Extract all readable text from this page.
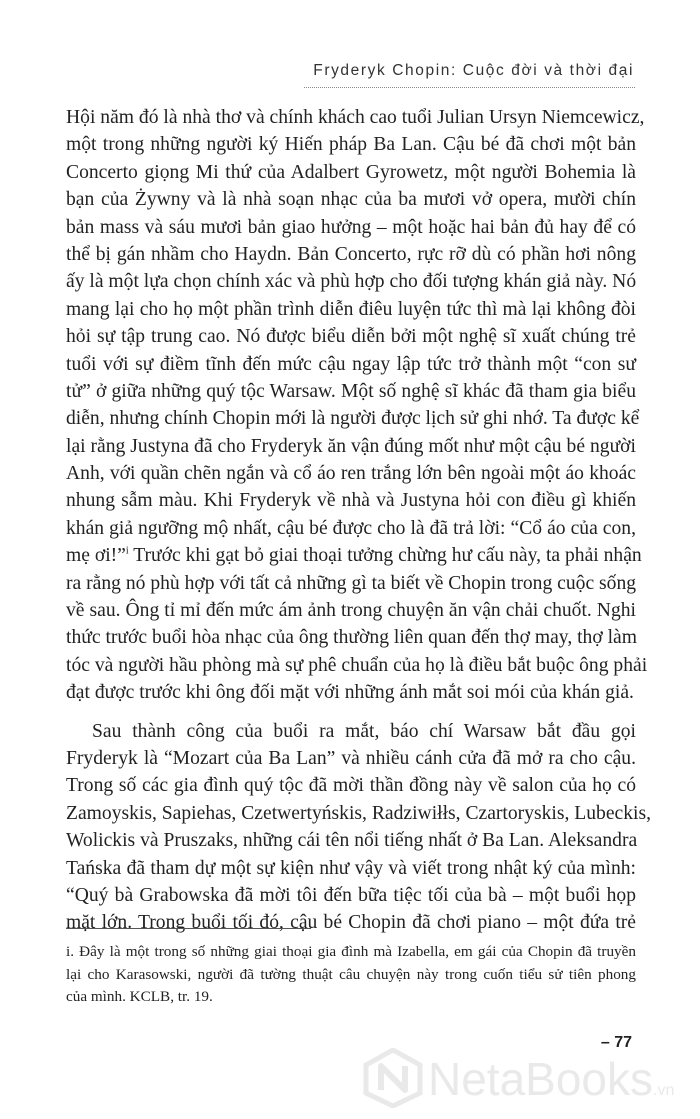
Fryderyk Chopin: Cuộc đời và thời đại
Hội năm đó là nhà thơ và chính khách cao tuổi Julian Ursyn Niemcewicz,
một trong những người ký Hiến pháp Ba Lan. Cậu bé đã chơi một bản
Concerto giọng Mi thứ của Adalbert Gyrowetz, một người Bohemia là
bạn của Żywny và là nhà soạn nhạc của ba mươi vở opera, mười chín
bản mass và sáu mươi bản giao hưởng – một hoặc hai bản đủ hay để có
thể bị gán nhầm cho Haydn. Bản Concerto, rực rỡ dù có phần hơi nông
ấy là một lựa chọn chính xác và phù hợp cho đối tượng khán giả này. Nó
mang lại cho họ một phần trình diễn điêu luyện tức thì mà lại không đòi
hỏi sự tập trung cao. Nó được biểu diễn bởi một nghệ sĩ xuất chúng trẻ
tuổi với sự điềm tĩnh đến mức cậu ngay lập tức trở thành một “con sư
tử” ở giữa những quý tộc Warsaw. Một số nghệ sĩ khác đã tham gia biểu
diễn, nhưng chính Chopin mới là người được lịch sử ghi nhớ. Ta được kể
lại rằng Justyna đã cho Fryderyk ăn vận đúng mốt như một cậu bé người
Anh, với quần chẽn ngắn và cổ áo ren trắng lớn bên ngoài một áo khoác
nhung sẫm màu. Khi Fryderyk về nhà và Justyna hỏi con điều gì khiến
khán giả ngưỡng mộ nhất, cậu bé được cho là đã trả lời: “Cổ áo của con,
mẹ ơi!”$^i$ Trước khi gạt bỏ giai thoại tưởng chừng hư cấu này, ta phải nhận
ra rằng nó phù hợp với tất cả những gì ta biết về Chopin trong cuộc sống
về sau. Ông tỉ mỉ đến mức ám ảnh trong chuyện ăn vận chải chuốt. Nghi
thức trước buổi hòa nhạc của ông thường liên quan đến thợ may, thợ làm
tóc và người hầu phòng mà sự phê chuẩn của họ là điều bắt buộc ông phải
đạt được trước khi ông đối mặt với những ánh mắt soi mói của khán giả.
Sau thành công của buổi ra mắt, báo chí Warsaw bắt đầu gọi
Fryderyk là “Mozart của Ba Lan” và nhiều cánh cửa đã mở ra cho cậu.
Trong số các gia đình quý tộc đã mời thần đồng này về salon của họ có
Zamoyskis, Sapiehas, Czetwertyńskis, Radziwiłłs, Czartoryskis, Lubeckis,
Wolickis và Pruszaks, những cái tên nổi tiếng nhất ở Ba Lan. Aleksandra
Tańska đã tham dự một sự kiện như vậy và viết trong nhật ký của mình:
“Quý bà Grabowska đã mời tôi đến bữa tiệc tối của bà – một buổi họp
mặt lớn. Trong buổi tối đó, cậu bé Chopin đã chơi piano – một đứa trẻ
i. Đây là một trong số những giai thoại gia đình mà Izabella, em gái của Chopin đã truyền
lại cho Karasowski, người đã tường thuật câu chuyện này trong cuốn tiểu sử tiên phong
của mình. KCLB, tr. 19.
– 77
NetaBooks.vn
